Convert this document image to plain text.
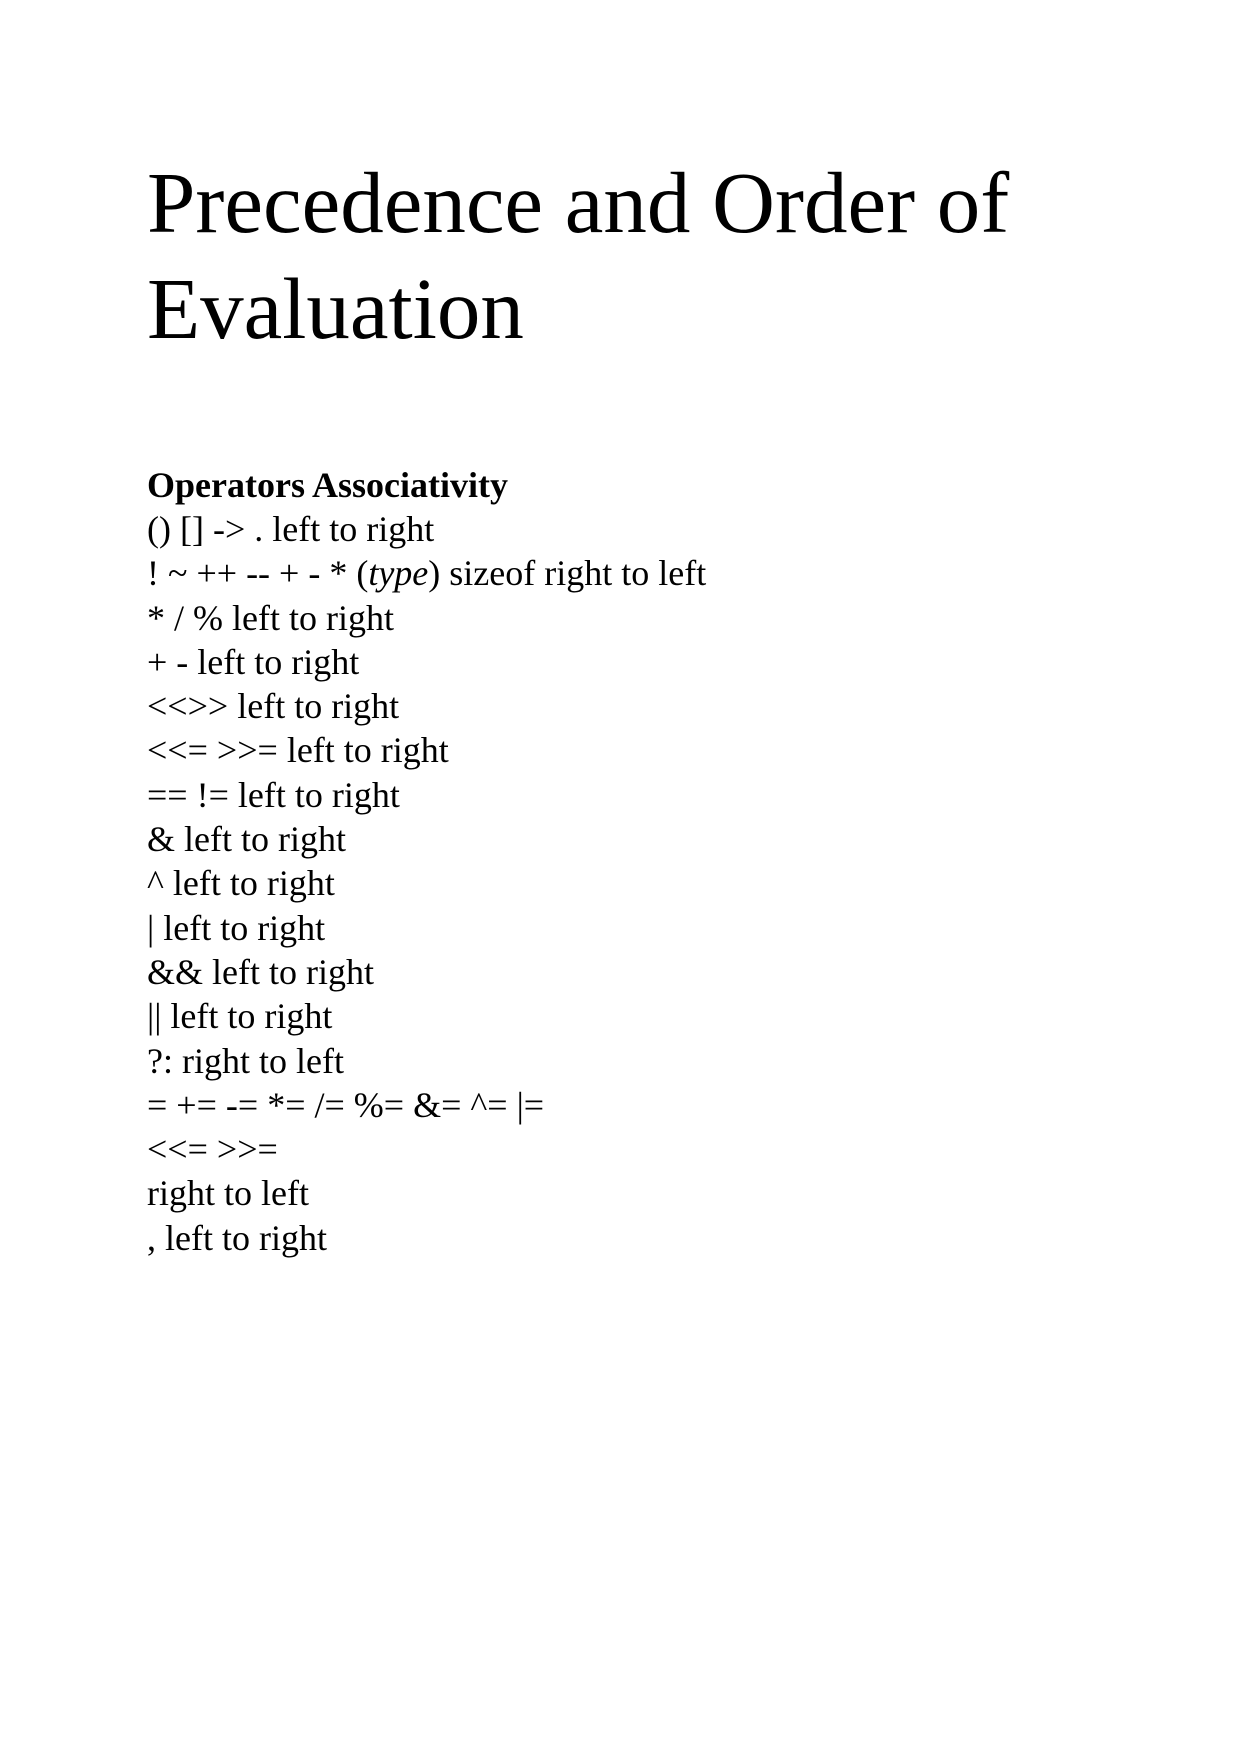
Precedence and Order of
Evaluation
Operators Associativity
() [] -> . left to right
! ~ ++ -- + - * (type) sizeof right to left
* / % left to right
+ - left to right
<<>> left to right
<<= >>= left to right
== != left to right
& left to right
^ left to right
| left to right
&& left to right
|| left to right
?: right to left
= += -= *= /= %= &= ^= |=
<<= >>=
right to left
, left to right
